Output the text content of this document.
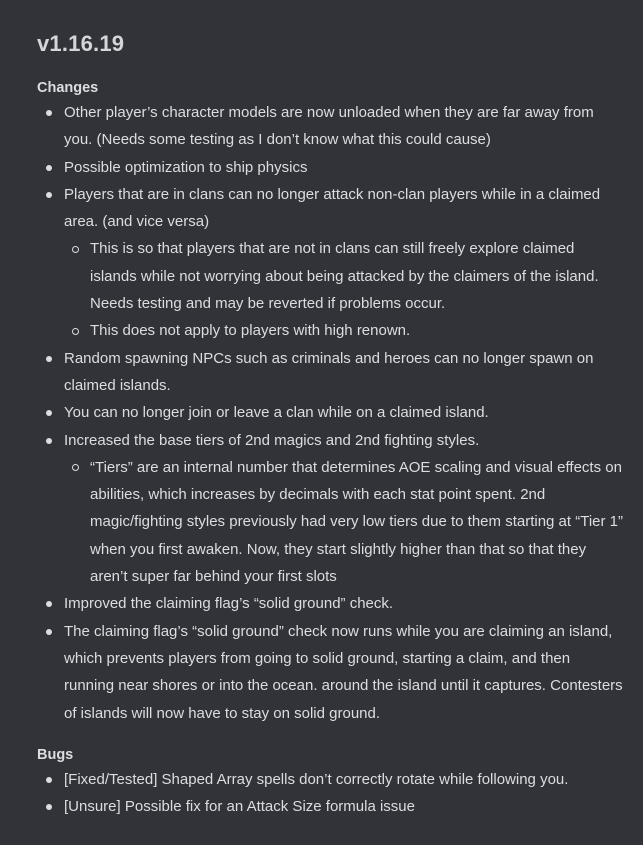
v1.16.19
Changes
Other player’s character models are now unloaded when they are far away from you. (Needs some testing as I don’t know what this could cause)
Possible optimization to ship physics
Players that are in clans can no longer attack non-clan players while in a claimed area. (and vice versa)
This is so that players that are not in clans can still freely explore claimed islands while not worrying about being attacked by the claimers of the island. Needs testing and may be reverted if problems occur.
This does not apply to players with high renown.
Random spawning NPCs such as criminals and heroes can no longer spawn on claimed islands.
You can no longer join or leave a clan while on a claimed island.
Increased the base tiers of 2nd magics and 2nd fighting styles.
“Tiers” are an internal number that determines AOE scaling and visual effects on abilities, which increases by decimals with each stat point spent. 2nd magic/fighting styles previously had very low tiers due to them starting at “Tier 1” when you first awaken. Now, they start slightly higher than that so that they aren’t super far behind your first slots
Improved the claiming flag’s “solid ground” check.
The claiming flag’s “solid ground” check now runs while you are claiming an island, which prevents players from going to solid ground, starting a claim, and then running near shores or into the ocean. around the island until it captures. Contesters of islands will now have to stay on solid ground.
Bugs
[Fixed/Tested] Shaped Array spells don’t correctly rotate while following you.
[Unsure] Possible fix for an Attack Size formula issue
